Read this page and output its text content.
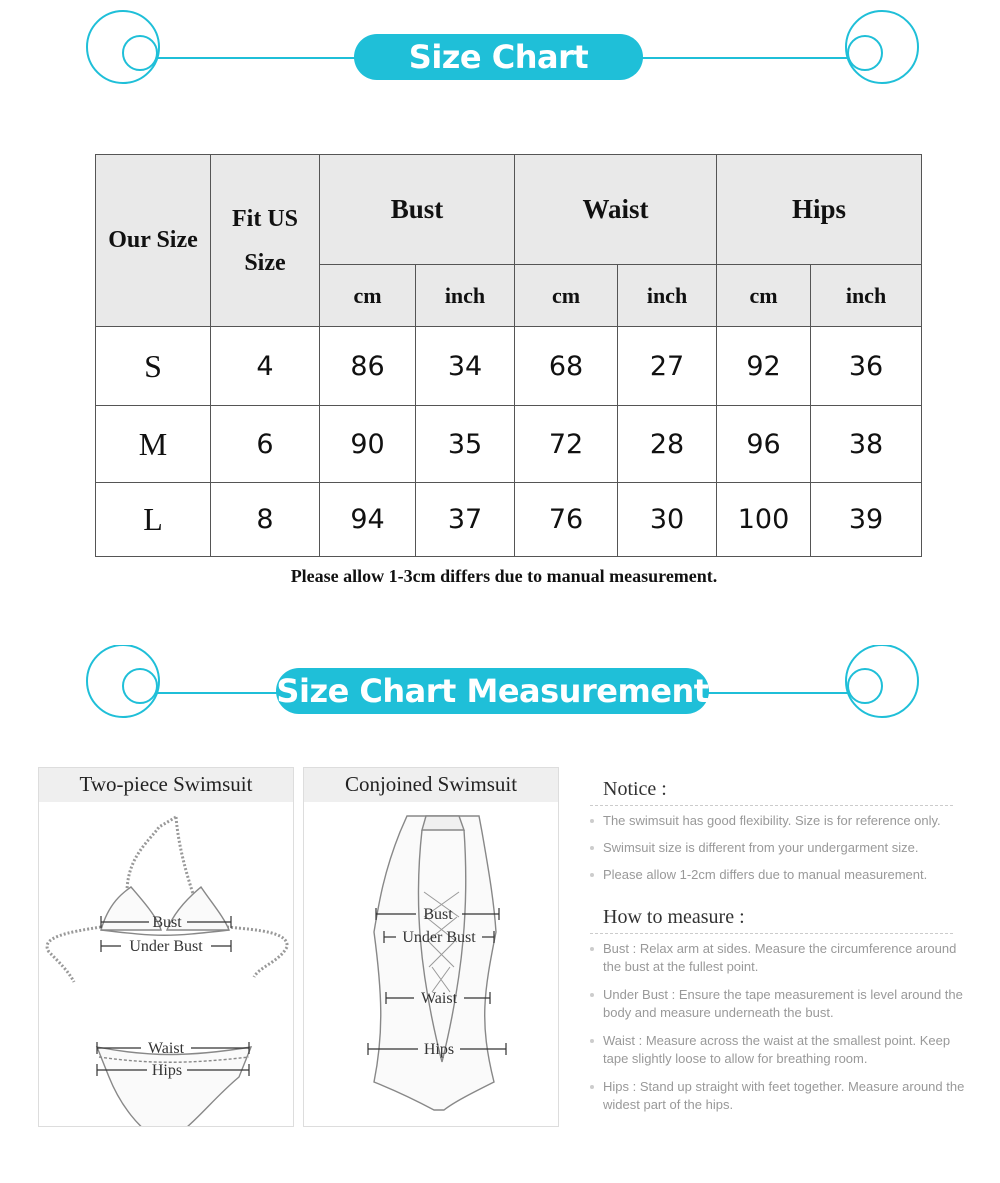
Size Chart
Our Size	Fit US
Size	Bust		Waist		Hips	
		cm	inch	cm	inch	cm	inch
S	4	86	34	68	27	92	36
M	6	90	35	72	28	96	38
L	8	94	37	76	30	100	39
Please allow 1-3cm differs due to manual measurement.
Size Chart Measurement
Two-piece Swimsuit
Bust
Under Bust
Waist
Hips
Conjoined Swimsuit
Bust
Under Bust
Waist
Hips
Notice :
The swimsuit has good flexibility. Size is for reference only.
Swimsuit size is different from your undergarment size.
Please allow 1-2cm differs due to manual measurement.
How to measure :
Bust : Relax arm at sides. Measure the circumference around the bust at the fullest point.
Under Bust : Ensure the tape measurement is level around the body and measure underneath the bust.
Waist : Measure across the waist at the smallest point. Keep tape slightly loose to allow for breathing room.
Hips : Stand up straight with feet together. Measure around the widest part of the hips.
